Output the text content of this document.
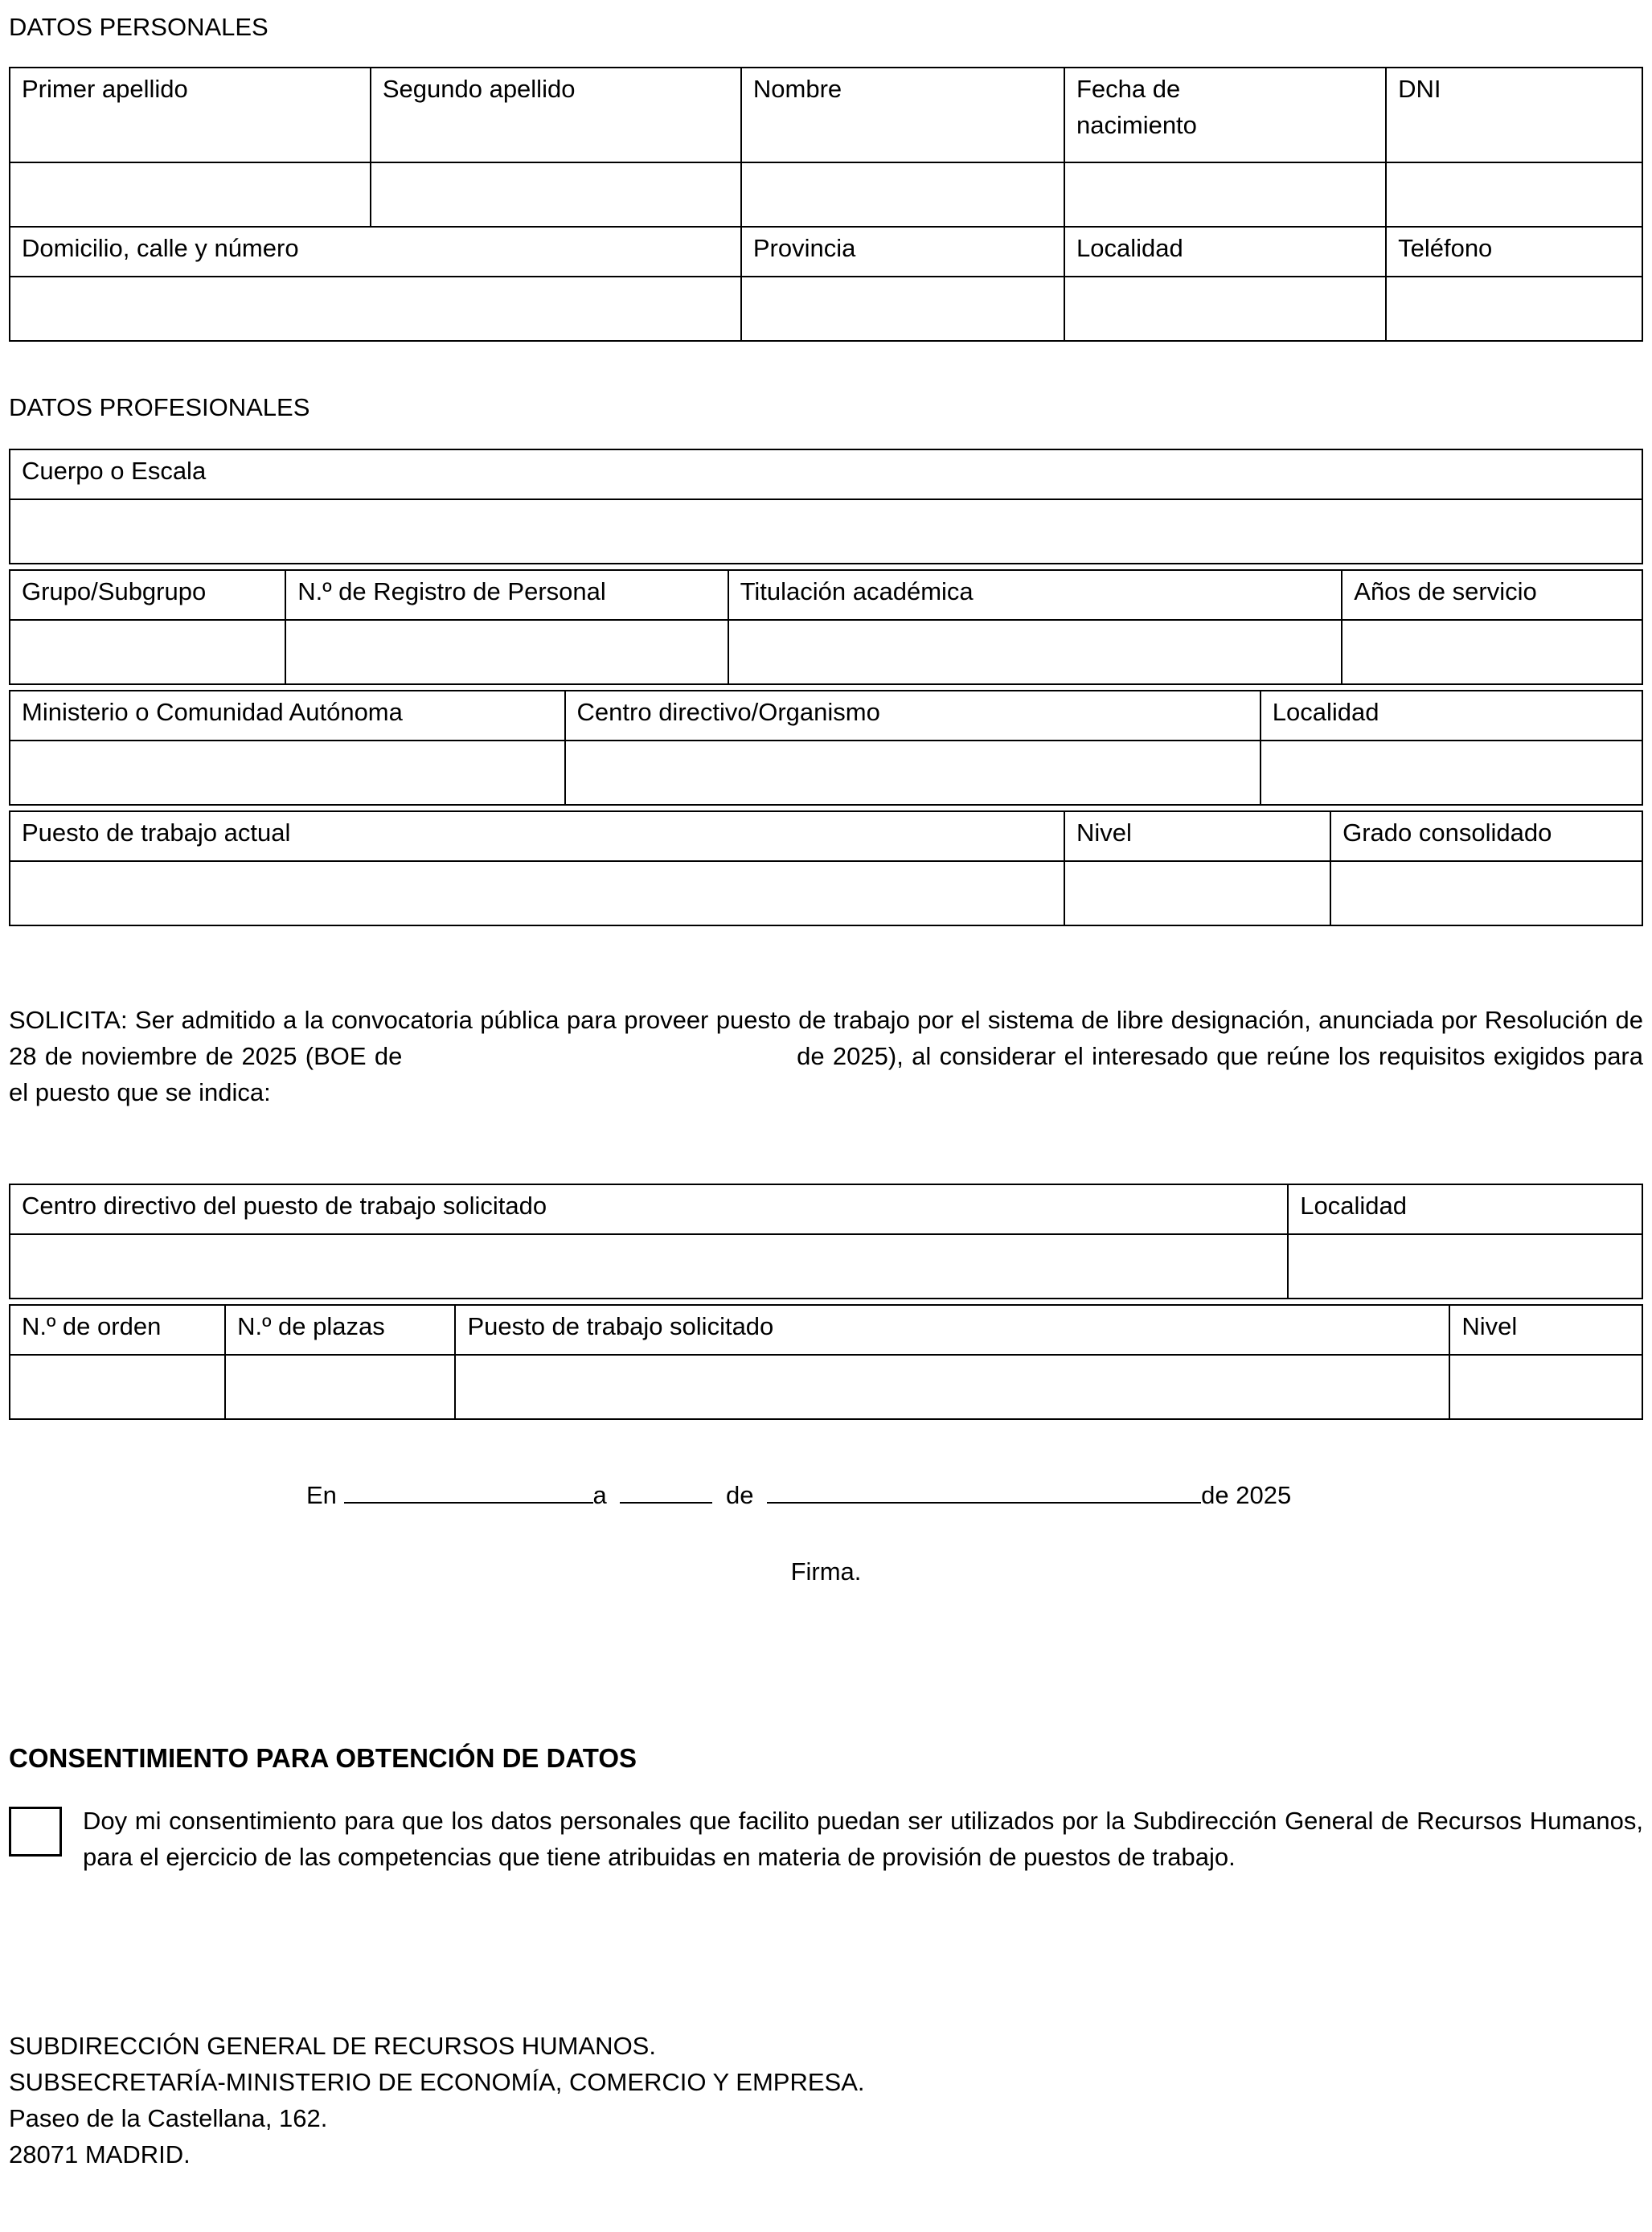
DATOS PERSONALES
Primer apellido	Segundo apellido	Nombre	Fecha de nacimiento	DNI

Domicilio, calle y número		Provincia	Localidad	Teléfono

DATOS PROFESIONALES
Cuerpo o Escala

Grupo/Subgrupo	N.º de Registro de Personal	Titulación académica	Años de servicio

Ministerio o Comunidad Autónoma	Centro directivo/Organismo	Localidad

Puesto de trabajo actual	Nivel	Grado consolidado

SOLICITA: Ser admitido a la convocatoria pública para proveer puesto de trabajo por el sistema de libre designación, anunciada por Resolución de 28 de noviembre de 2025 (BOE de	de 2025), al considerar el interesado que reúne los requisitos exigidos para el puesto que se indica:

Centro directivo del puesto de trabajo solicitado	Localidad

N.º de orden	N.º de plazas	Puesto de trabajo solicitado	Nivel

En	a	de	de 2025
Firma.
CONSENTIMIENTO PARA OBTENCIÓN DE DATOS

Doy mi consentimiento para que los datos personales que facilito puedan ser utilizados por la Subdirección General de Recursos Humanos, para el ejercicio de las competencias que tiene atribuidas en materia de provisión de puestos de trabajo.

SUBDIRECCIÓN GENERAL DE RECURSOS HUMANOS.
SUBSECRETARÍA-MINISTERIO DE ECONOMÍA, COMERCIO Y EMPRESA.
Paseo de la Castellana, 162.
28071 MADRID.
